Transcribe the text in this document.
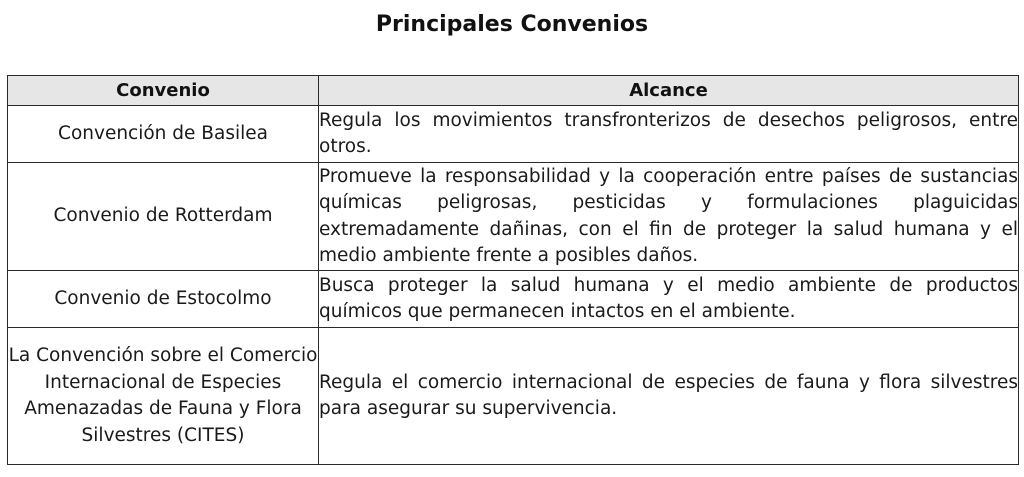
Principales Convenios
Convenio	Alcance
Convención de Basilea	Regula los movimientos transfronterizos de desechos peligrosos, entre otros.
Convenio de Rotterdam	Promueve la responsabilidad y la cooperación entre países de sustancias químicas peligrosas, pesticidas y formulaciones plaguicidas extremadamente dañinas, con el fin de proteger la salud humana y el medio ambiente frente a posibles daños.
Convenio de Estocolmo	Busca proteger la salud humana y el medio ambiente de productos químicos que permanecen intactos en el ambiente.
La Convención sobre el Comercio Internacional de Especies Amenazadas de Fauna y Flora Silvestres (CITES)	Regula el comercio internacional de especies de fauna y flora silvestres para asegurar su supervivencia.
